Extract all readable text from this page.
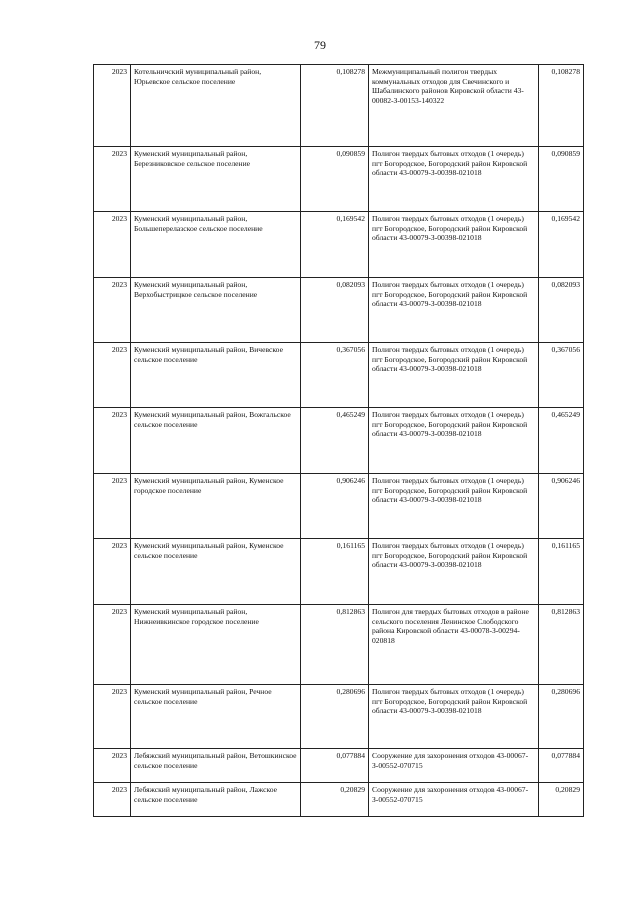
79
2023	Котельничский муниципальный район, Юрьевское сельское поселение	0,108278	Межмуниципальный полигон твердых коммунальных отходов для Свечинского и Шабалинского районов Кировской области 43-00082-З-00153-140322	0,108278
2023	Куменский муниципальный район, Березниковское сельское поселение	0,090859	Полигон твердых бытовых отходов (1 очередь) пгт Богородское, Богородский район Кировской области 43-00079-З-00398-021018	0,090859
2023	Куменский муниципальный район, Большеперелазское сельское поселение	0,169542	Полигон твердых бытовых отходов (1 очередь) пгт Богородское, Богородский район Кировской области 43-00079-З-00398-021018	0,169542
2023	Куменский муниципальный район, Верхобыстрицкое сельское поселение	0,082093	Полигон твердых бытовых отходов (1 очередь) пгт Богородское, Богородский район Кировской области 43-00079-З-00398-021018	0,082093
2023	Куменский муниципальный район, Вичевское сельское поселение	0,367056	Полигон твердых бытовых отходов (1 очередь) пгт Богородское, Богородский район Кировской области 43-00079-З-00398-021018	0,367056
2023	Куменский муниципальный район, Вожгальское сельское поселение	0,465249	Полигон твердых бытовых отходов (1 очередь) пгт Богородское, Богородский район Кировской области 43-00079-З-00398-021018	0,465249
2023	Куменский муниципальный район, Куменское городское поселение	0,906246	Полигон твердых бытовых отходов (1 очередь) пгт Богородское, Богородский район Кировской области 43-00079-З-00398-021018	0,906246
2023	Куменский муниципальный район, Куменское сельское поселение	0,161165	Полигон твердых бытовых отходов (1 очередь) пгт Богородское, Богородский район Кировской области 43-00079-З-00398-021018	0,161165
2023	Куменский муниципальный район, Нижнеивкинское городское поселение	0,812863	Полигон для твердых бытовых отходов в районе сельского поселения Ленинское Слободского района Кировской области 43-00078-З-00294-020818	0,812863
2023	Куменский муниципальный район, Речное сельское поселение	0,280696	Полигон твердых бытовых отходов (1 очередь) пгт Богородское, Богородский район Кировской области 43-00079-З-00398-021018	0,280696
2023	Лебяжский муниципальный район, Ветошкинское сельское поселение	0,077884	Сооружение для захоронения отходов 43-00067-З-00552-070715	0,077884
2023	Лебяжский муниципальный район, Лажское сельское поселение	0,20829	Сооружение для захоронения отходов 43-00067-З-00552-070715	0,20829
